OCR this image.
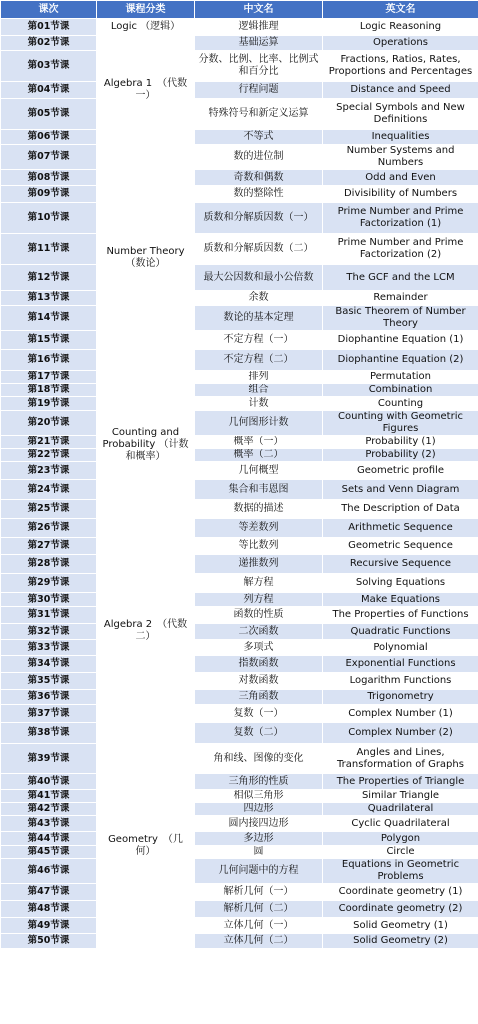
课次	课程分类	中文名	英文名
第01节课	Logic （逻辑）	逻辑推理	Logic Reasoning
第02节课	Algebra 1　（代数一）	基础运算	Operations
第03节课		分数、比例、比率、比例式和百分比	Fractions, Ratios, Rates, Proportions and Percentages
第04节课		行程问题	Distance and Speed
第05节课		特殊符号和新定义运算	Special Symbols and New Definitions
第06节课		不等式	Inequalities
第07节课	Number Theory （数论）	数的进位制	Number Systems and Numbers
第08节课		奇数和偶数	Odd and Even
第09节课		数的整除性	Divisibility of Numbers
第10节课		质数和分解质因数（一）	Prime Number and Prime Factorization (1)
第11节课		质数和分解质因数（二）	Prime Number and Prime Factorization (2)
第12节课		最大公因数和最小公倍数	The GCF and the LCM
第13节课		余数	Remainder
第14节课		数论的基本定理	Basic Theorem of Number Theory
第15节课		不定方程（一）	Diophantine Equation (1)
第16节课		不定方程（二）	Diophantine Equation (2)
第17节课	Counting and Probability （计数和概率）	排列	Permutation
第18节课		组合	Combination
第19节课		计数	Counting
第20节课		几何图形计数	Counting with Geometric Figures
第21节课		概率（一）	Probability (1)
第22节课		概率（二）	Probability (2)
第23节课		几何概型	Geometric profile
第24节课		集合和韦恩图	Sets and Venn Diagram
第25节课		数据的描述	The Description of Data
第26节课	Algebra 2　（代数二）	等差数列	Arithmetic Sequence
第27节课		等比数列	Geometric Sequence
第28节课		递推数列	Recursive Sequence
第29节课		解方程	Solving Equations
第30节课		列方程	Make Equations
第31节课		函数的性质	The Properties of Functions
第32节课		二次函数	Quadratic Functions
第33节课		多项式	Polynomial
第34节课		指数函数	Exponential Functions
第35节课		对数函数	Logarithm Functions
第36节课		三角函数	Trigonometry
第37节课		复数（一）	Complex Number (1)
第38节课		复数（二）	Complex Number (2)
第39节课	Geometry　（几何）	角和线、图像的变化	Angles and Lines, Transformation of Graphs
第40节课		三角形的性质	The Properties of Triangle
第41节课		相似三角形	Similar Triangle
第42节课		四边形	Quadrilateral
第43节课		圆内接四边形	Cyclic Quadrilateral
第44节课		多边形	Polygon
第45节课		圆	Circle
第46节课		几何问题中的方程	Equations in Geometric Problems
第47节课		解析几何（一）	Coordinate geometry (1)
第48节课		解析几何（二）	Coordinate geometry (2)
第49节课		立体几何（一）	Solid Geometry (1)
第50节课		立体几何（二）	Solid Geometry (2)
